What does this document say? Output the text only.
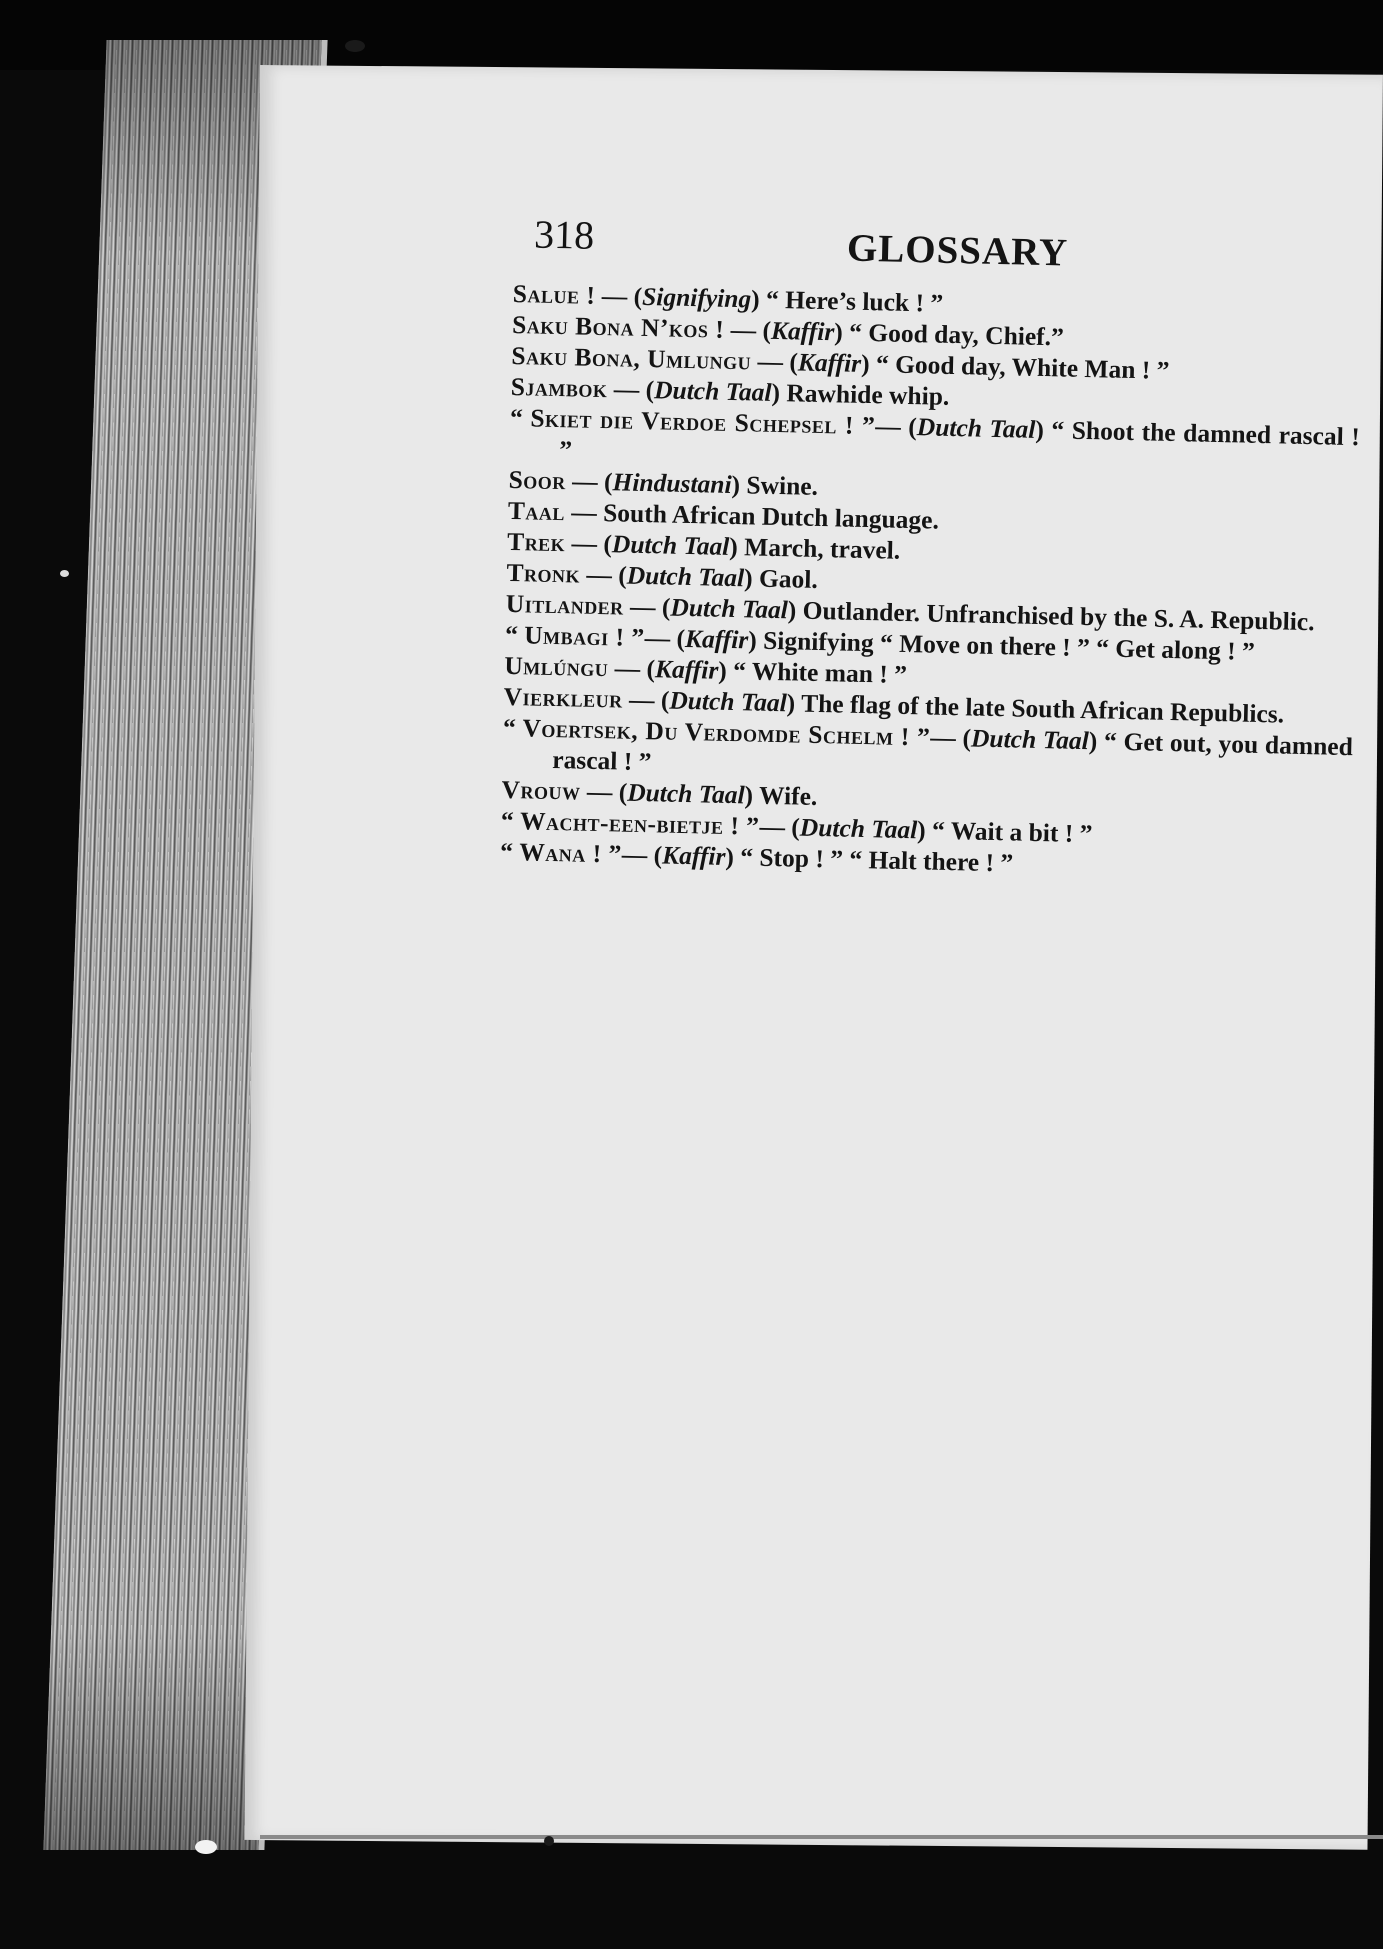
318	GLOSSARY
Salue ! — (Signifying) “ Here’s luck ! ”
Saku Bona N’kos ! — (Kaffir) “ Good day, Chief.”
Saku Bona, Umlungu — (Kaffir) “ Good day, White Man ! ”
Sjambok — (Dutch Taal) Rawhide whip.
“ Skiet die Verdoe Schepsel ! ”— (Dutch Taal) “ Shoot the damned rascal ! ”
Soor — (Hindustani) Swine.
Taal — South African Dutch language.
Trek — (Dutch Taal) March, travel.
Tronk — (Dutch Taal) Gaol.
Uitlander — (Dutch Taal) Outlander. Unfranchised by the S. A. Republic.
“ Umbagi ! ”— (Kaffir) Signifying “ Move on there ! ” “ Get along ! ”
Umlúngu — (Kaffir) “ White man ! ”
Vierkleur — (Dutch Taal) The flag of the late South African Republics.
“ Voertsek, Du Verdomde Schelm ! ”— (Dutch Taal) “ Get out, you damned rascal ! ”
Vrouw — (Dutch Taal) Wife.
“ Wacht-een-bietje ! ”— (Dutch Taal) “ Wait a bit ! ”
“ Wana ! ”— (Kaffir) “ Stop ! ” “ Halt there ! ”
